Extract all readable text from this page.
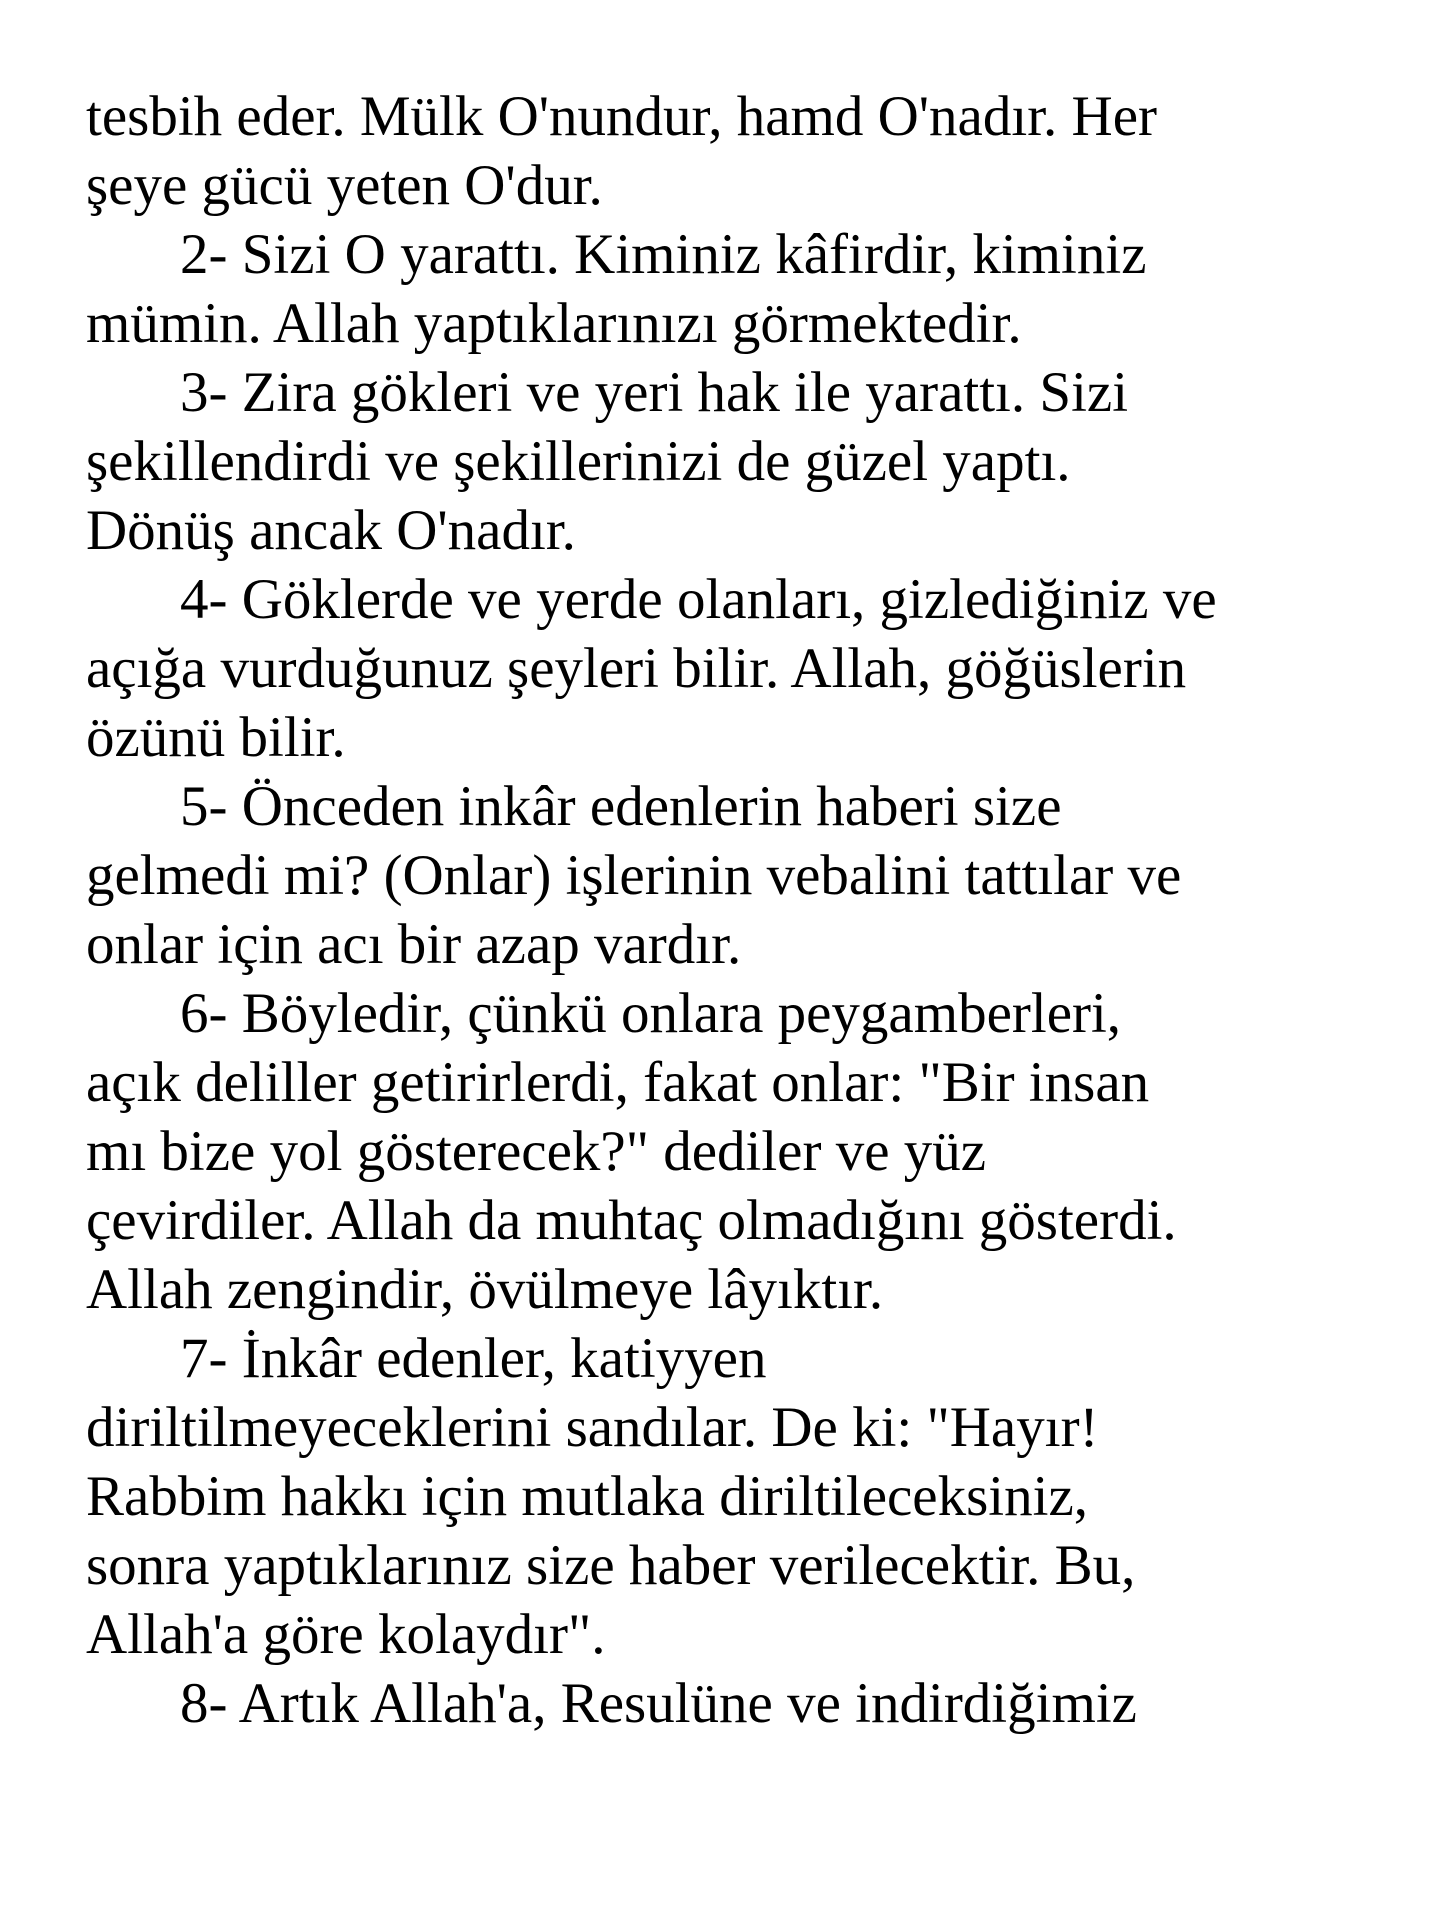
tesbih eder. Mülk O'nundur, hamd O'nadır. Her
şeye gücü yeten O'dur.
2- Sizi O yarattı. Kiminiz kâfirdir, kiminiz
mümin. Allah yaptıklarınızı görmektedir.
3- Zira gökleri ve yeri hak ile yarattı. Sizi
şekillendirdi ve şekillerinizi de güzel yaptı.
Dönüş ancak O'nadır.
4- Göklerde ve yerde olanları, gizlediğiniz ve
açığa vurduğunuz şeyleri bilir. Allah, göğüslerin
özünü bilir.
5- Önceden inkâr edenlerin haberi size
gelmedi mi? (Onlar) işlerinin vebalini tattılar ve
onlar için acı bir azap vardır.
6- Böyledir, çünkü onlara peygamberleri,
açık deliller getirirlerdi, fakat onlar: "Bir insan
mı bize yol gösterecek?" dediler ve yüz
çevirdiler. Allah da muhtaç olmadığını gösterdi.
Allah zengindir, övülmeye lâyıktır.
7- İnkâr edenler, katiyyen
diriltilmeyeceklerini sandılar. De ki: "Hayır!
Rabbim hakkı için mutlaka diriltileceksiniz,
sonra yaptıklarınız size haber verilecektir. Bu,
Allah'a göre kolaydır".
8- Artık Allah'a, Resulüne ve indirdiğimiz
